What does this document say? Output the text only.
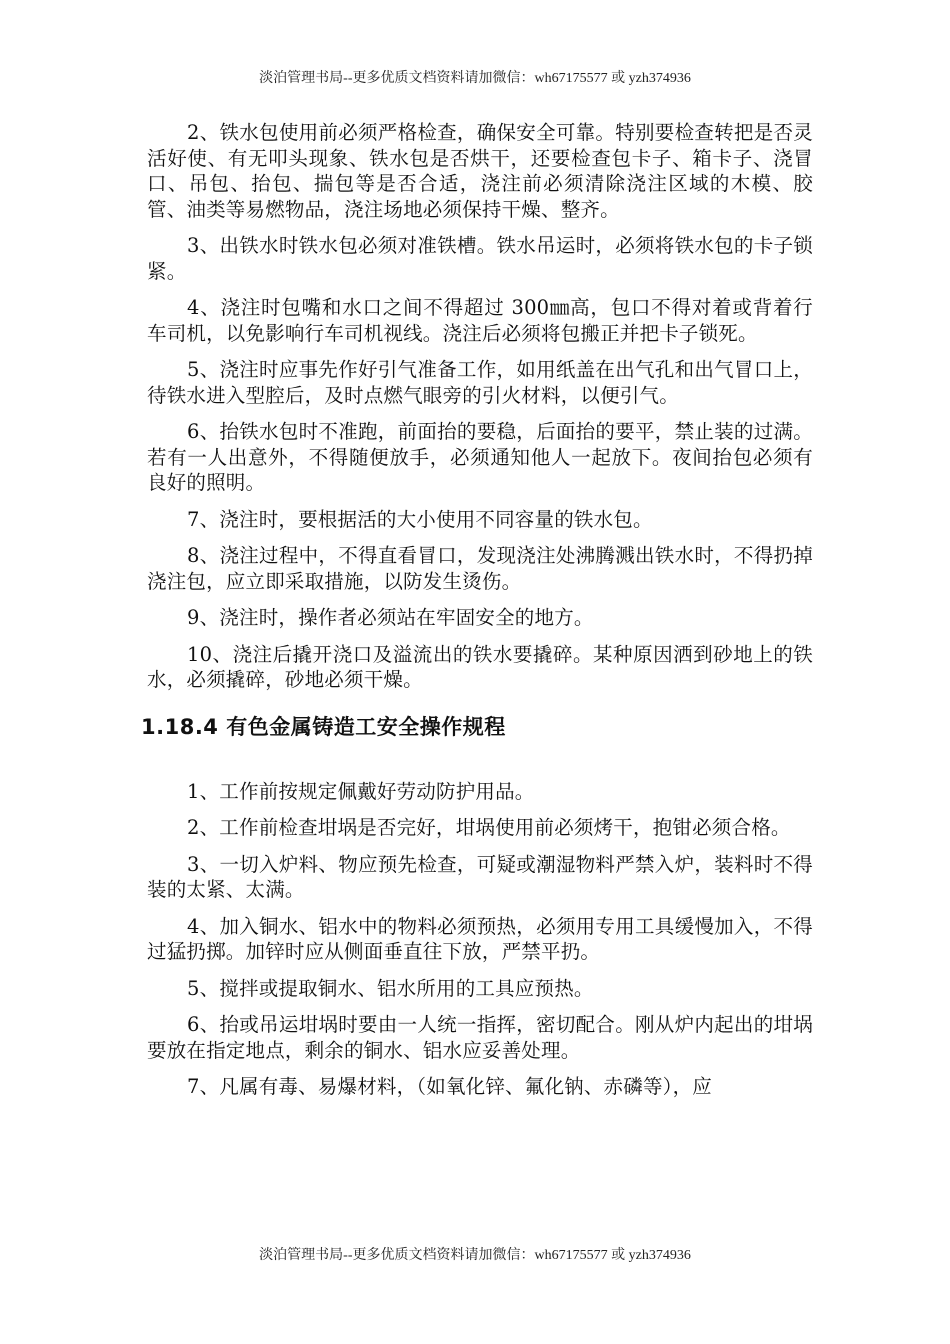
淡泊管理书局--更多优质文档资料请加微信：wh67175577 或 yzh374936

2、铁水包使用前必须严格检查，确保安全可靠。特别要检查转把是否灵活好使、有无叩头现象、铁水包是否烘干，还要检查包卡子、箱卡子、浇冒口、吊包、抬包、揣包等是否合适，浇注前必须清除浇注区域的木模、胶管、油类等易燃物品，浇注场地必须保持干燥、整齐。

3、出铁水时铁水包必须对准铁槽。铁水吊运时，必须将铁水包的卡子锁紧。

4、浇注时包嘴和水口之间不得超过 300㎜高，包口不得对着或背着行车司机，以免影响行车司机视线。浇注后必须将包搬正并把卡子锁死。

5、浇注时应事先作好引气准备工作，如用纸盖在出气孔和出气冒口上，待铁水进入型腔后，及时点燃气眼旁的引火材料，以便引气。

6、抬铁水包时不准跑，前面抬的要稳，后面抬的要平，禁止装的过满。若有一人出意外，不得随便放手，必须通知他人一起放下。夜间抬包必须有良好的照明。

7、浇注时，要根据活的大小使用不同容量的铁水包。

8、浇注过程中，不得直看冒口，发现浇注处沸腾溅出铁水时，不得扔掉浇注包，应立即采取措施，以防发生烫伤。

9、浇注时，操作者必须站在牢固安全的地方。

10、浇注后撬开浇口及溢流出的铁水要撬碎。某种原因洒到砂地上的铁水，必须撬碎，砂地必须干燥。

1.18.4 有色金属铸造工安全操作规程

1、工作前按规定佩戴好劳动防护用品。

2、工作前检查坩埚是否完好，坩埚使用前必须烤干，抱钳必须合格。

3、一切入炉料、物应预先检查，可疑或潮湿物料严禁入炉，装料时不得装的太紧、太满。

4、加入铜水、铝水中的物料必须预热，必须用专用工具缓慢加入，不得过猛扔掷。加锌时应从侧面垂直往下放，严禁平扔。

5、搅拌或提取铜水、铝水所用的工具应预热。

6、抬或吊运坩埚时要由一人统一指挥，密切配合。刚从炉内起出的坩埚要放在指定地点，剩余的铜水、铝水应妥善处理。

7、凡属有毒、易爆材料，（如氧化锌、氟化钠、赤磷等），应

淡泊管理书局--更多优质文档资料请加微信：wh67175577 或 yzh374936
